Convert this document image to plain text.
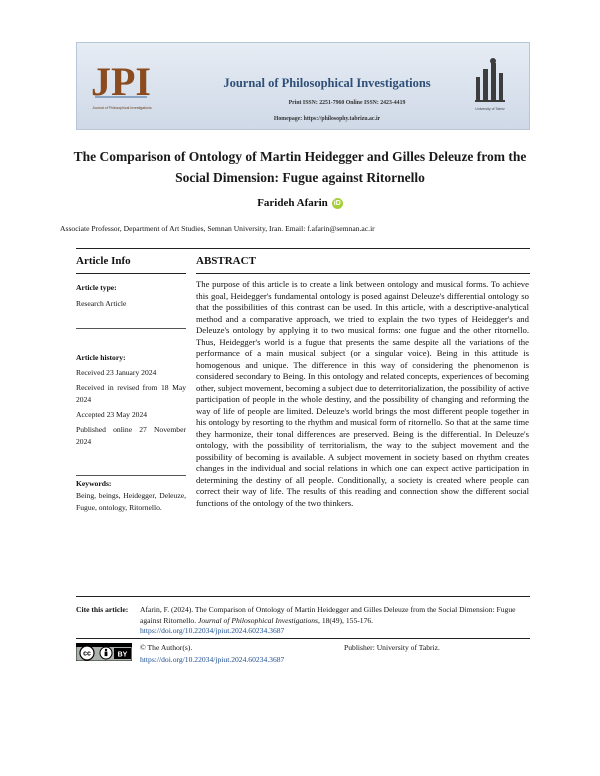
JPI
Journal of Philosophical Investigations
Journal of Philosophical Investigations
Print ISSN: 2251-7960 Online ISSN: 2423-4419
Homepage: https://philosophy.tabrizu.ac.ir
University of Tabriz
The Comparison of Ontology of Martin Heidegger and Gilles Deleuze from the Social Dimension: Fugue against Ritornello
Farideh Afarin iD
Associate Professor, Department of Art Studies, Semnan University, Iran. Email: f.afarin@semnan.ac.ir
Article Info	ABSTRACT
Article type:
Research Article
Article history:
Received 23 January 2024
Received in revised from 18 May 2024
Accepted 23 May 2024
Published online 27 November 2024
Keywords:
Being, beings, Heidegger, Deleuze, Fugue, ontology, Ritornello.
The purpose of this article is to create a link between ontology and musical forms. To achieve this goal, Heidegger's fundamental ontology is posed against Deleuze's differential ontology so that the possibilities of this contrast can be used. In this article, with a descriptive-analytical method and a comparative approach, we tried to explain the two types of Heidegger's and Deleuze's ontology by applying it to two musical forms: one fugue and the other ritornello. Thus, Heidegger's world is a fugue that presents the same despite all the variations of the performance of a main musical subject (or a singular voice). Being in this attitude is homogenous and unique. The difference in this way of considering the phenomenon is considered secondary to Being. In this ontology and related concepts, experiences of becoming other, subject movement, becoming a subject due to deterritorialization, the possibility of active participation of people in the whole destiny, and the possibility of changing and reforming the way of life of people are limited. Deleuze's world brings the most different people together in his ontology by resorting to the rhythm and musical form of ritornello. So that at the same time they harmonize, their tonal differences are preserved. Being is the differential. In Deleuze's ontology, with the possibility of territorialism, the way to the subject movement and the possibility of becoming is available. A subject movement in society based on rhythm creates changes in the individual and social relations in which one can expect active participation in determining the destiny of all people. Conditionally, a society is created where people can correct their way of life. The results of this reading and connection show the different social functions of the ontology of the two thinkers.
Cite this article: Afarin, F. (2024). The Comparison of Ontology of Martin Heidegger and Gilles Deleuze from the Social Dimension: Fugue against Ritornello. Journal of Philosophical Investigations, 18(49), 155-176.
https://doi.org/10.22034/jpiut.2024.60234.3687
cc	BY
© The Author(s).	Publisher: University of Tabriz.
https://doi.org/10.22034/jpiut.2024.60234.3687
